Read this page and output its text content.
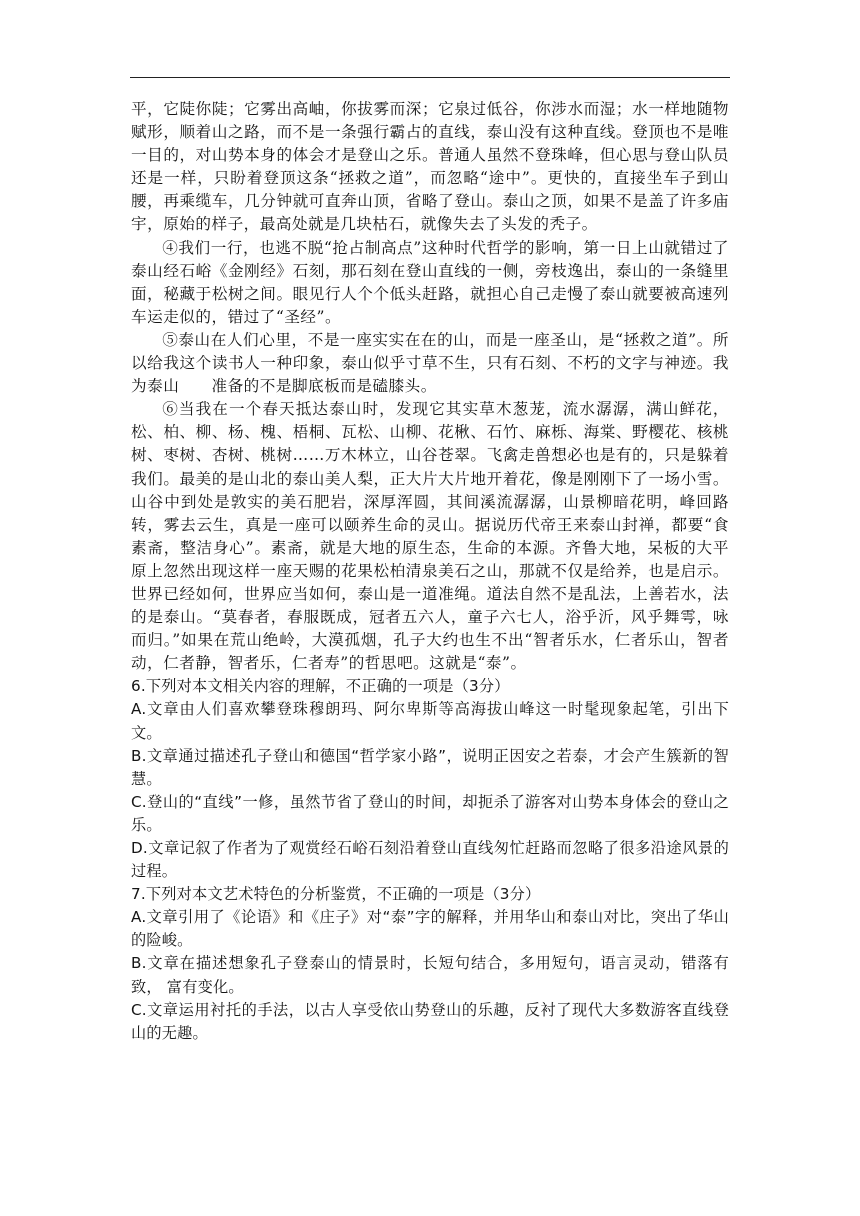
平，它陡你陡；它雾出高岫，你拔雾而深；它泉过低谷，你涉水而湿；水一样地随物赋形，顺着山之路，而不是一条强行霸占的直线，泰山没有这种直线。登顶也不是唯一目的，对山势本身的体会才是登山之乐。普通人虽然不登珠峰，但心思与登山队员还是一样，只盼着登顶这条“拯救之道”，而忽略“途中”。更快的，直接坐车子到山腰，再乘缆车，几分钟就可直奔山顶，省略了登山。泰山之顶，如果不是盖了许多庙宇，原始的样子，最高处就是几块枯石，就像失去了头发的秃子。

④我们一行，也逃不脱“抢占制高点”这种时代哲学的影响，第一日上山就错过了泰山经石峪《金刚经》石刻，那石刻在登山直线的一侧，旁枝逸出，泰山的一条缝里面，秘藏于松树之间。眼见行人个个低头赶路，就担心自己走慢了泰山就要被高速列车运走似的，错过了“圣经”。

⑤泰山在人们心里，不是一座实实在在的山，而是一座圣山，是“拯救之道”。所以给我这个读书人一种印象，泰山似乎寸草不生，只有石刻、不朽的文字与神迹。我为泰山　　准备的不是脚底板而是磕膝头。

⑥当我在一个春天抵达泰山时，发现它其实草木葱茏，流水潺潺，满山鲜花，松、柏、柳、杨、槐、梧桐、瓦松、山柳、花楸、石竹、麻栎、海棠、野樱花、核桃树、枣树、杏树、桃树……万木林立，山谷苍翠。飞禽走兽想必也是有的，只是躲着我们。最美的是山北的泰山美人梨，正大片大片地开着花，像是刚刚下了一场小雪。山谷中到处是敦实的美石肥岩，深厚浑圆，其间溪流潺潺，山景柳暗花明，峰回路转，雾去云生，真是一座可以颐养生命的灵山。据说历代帝王来泰山封禅，都要“食素斋，整洁身心”。素斋，就是大地的原生态，生命的本源。齐鲁大地，呆板的大平原上忽然出现这样一座天赐的花果松柏清泉美石之山，那就不仅是给养，也是启示。世界已经如何，世界应当如何，泰山是一道准绳。道法自然不是乱法，上善若水，法的是泰山。“莫春者，春服既成，冠者五六人，童子六七人，浴乎沂，风乎舞雩，咏而归。”如果在荒山绝岭，大漠孤烟，孔子大约也生不出“智者乐水，仁者乐山，智者动，仁者静，智者乐，仁者寿”的哲思吧。这就是“泰”。

6.下列对本文相关内容的理解，不正确的一项是（3分）

A.文章由人们喜欢攀登珠穆朗玛、阿尔卑斯等高海拔山峰这一时髦现象起笔，引出下文。

B.文章通过描述孔子登山和德国“哲学家小路”，说明正因安之若泰，才会产生簇新的智慧。

C.登山的“直线”一修，虽然节省了登山的时间，却扼杀了游客对山势本身体会的登山之乐。

D.文章记叙了作者为了观赏经石峪石刻沿着登山直线匆忙赶路而忽略了很多沿途风景的过程。

7.下列对本文艺术特色的分析鉴赏，不正确的一项是（3分）

A.文章引用了《论语》和《庄子》对“泰”字的解释，并用华山和泰山对比，突出了华山的险峻。

B.文章在描述想象孔子登泰山的情景时，长短句结合，多用短句，语言灵动，错落有致， 富有变化。

C.文章运用衬托的手法，以古人享受依山势登山的乐趣，反衬了现代大多数游客直线登　山的无趣。
